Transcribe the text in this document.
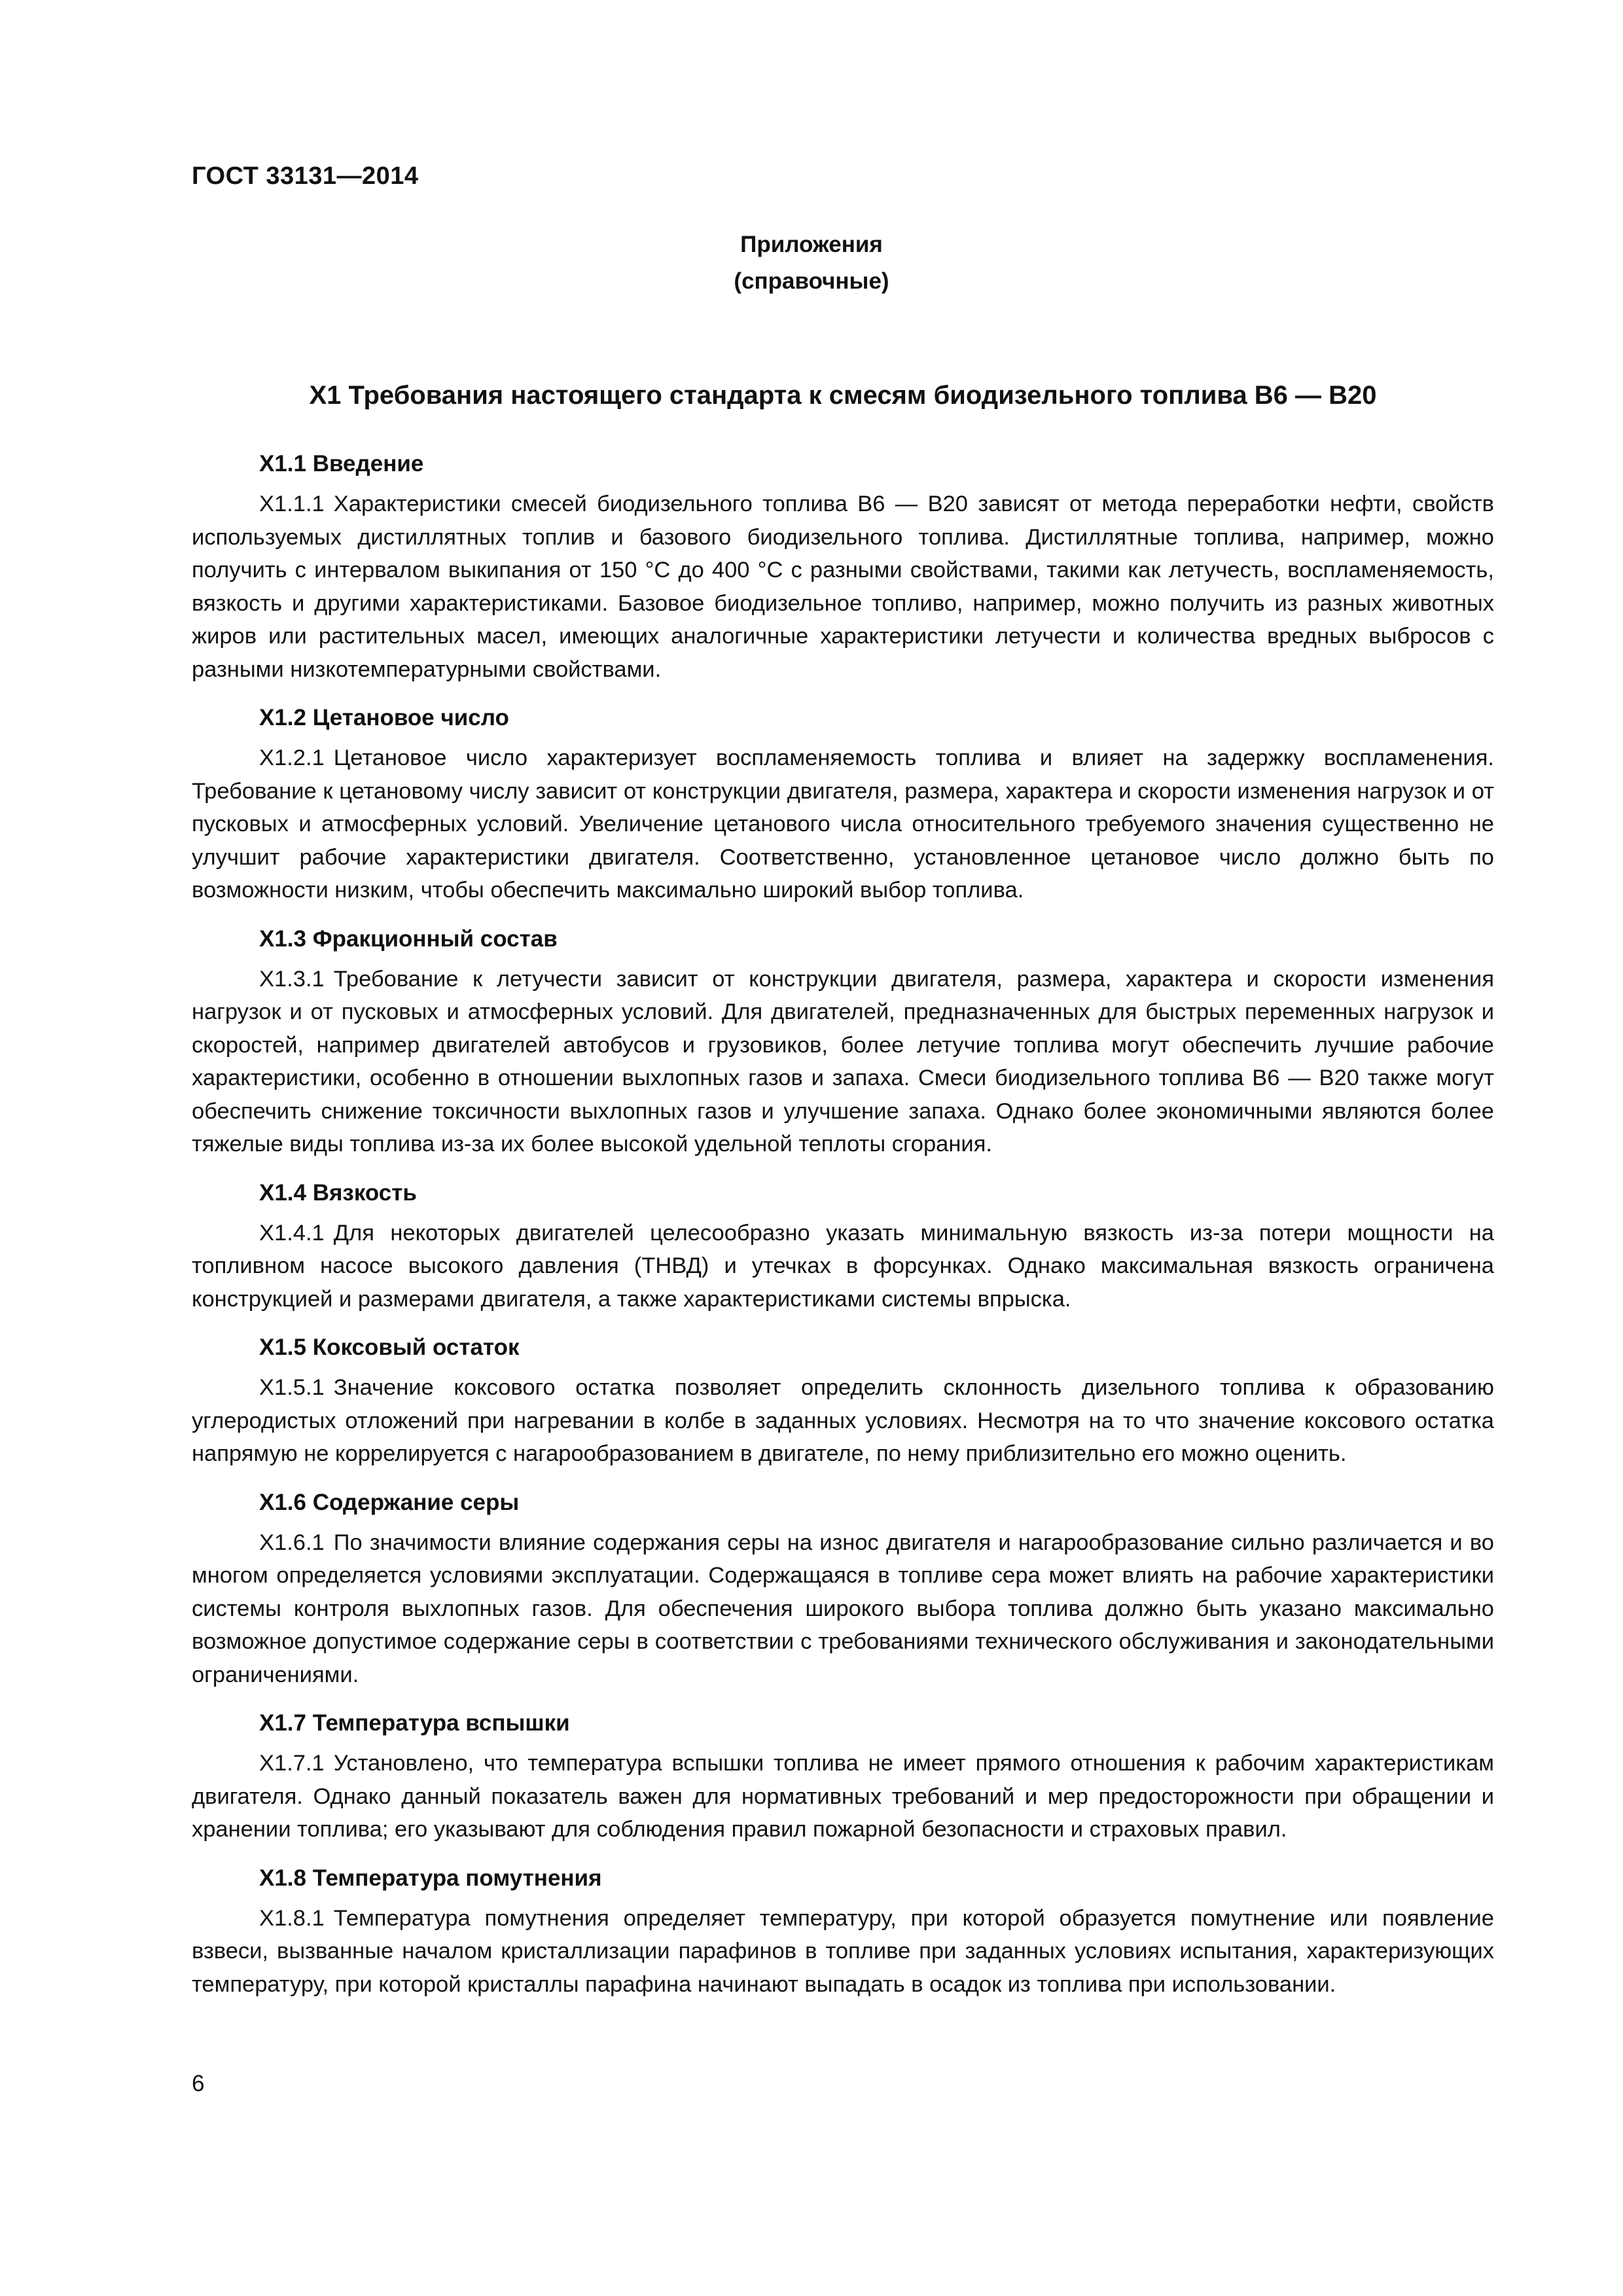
ГОСТ 33131—2014
Приложения
(справочные)
X1 Требования настоящего стандарта к смесям биодизельного топлива В6 — В20
X1.1 Введение

X1.1.1 Характеристики смесей биодизельного топлива В6 — В20 зависят от метода переработки нефти, свойств используемых дистиллятных топлив и базового биодизельного топлива. Дистиллятные топлива, например, можно получить с интервалом выкипания от 150 °С до 400 °С с разными свойствами, такими как летучесть, воспламеняемость, вязкость и другими характеристиками. Базовое биодизельное топливо, например, можно получить из разных животных жиров или растительных масел, имеющих аналогичные характеристики летучести и количества вредных выбросов с разными низкотемпературными свойствами.

X1.2 Цетановое число

X1.2.1 Цетановое число характеризует воспламеняемость топлива и влияет на задержку воспламенения. Требование к цетановому числу зависит от конструкции двигателя, размера, характера и скорости изменения нагрузок и от пусковых и атмосферных условий. Увеличение цетанового числа относительного требуемого значения существенно не улучшит рабочие характеристики двигателя. Соответственно, установленное цетановое число должно быть по возможности низким, чтобы обеспечить максимально широкий выбор топлива.

X1.3 Фракционный состав

X1.3.1 Требование к летучести зависит от конструкции двигателя, размера, характера и скорости изменения нагрузок и от пусковых и атмосферных условий. Для двигателей, предназначенных для быстрых переменных нагрузок и скоростей, например двигателей автобусов и грузовиков, более летучие топлива могут обеспечить лучшие рабочие характеристики, особенно в отношении выхлопных газов и запаха. Смеси биодизельного топлива В6 — В20 также могут обеспечить снижение токсичности выхлопных газов и улучшение запаха. Однако более экономичными являются более тяжелые виды топлива из-за их более высокой удельной теплоты сгорания.

X1.4 Вязкость

X1.4.1 Для некоторых двигателей целесообразно указать минимальную вязкость из-за потери мощности на топливном насосе высокого давления (ТНВД) и утечках в форсунках. Однако максимальная вязкость ограничена конструкцией и размерами двигателя, а также характеристиками системы впрыска.

X1.5 Коксовый остаток

X1.5.1 Значение коксового остатка позволяет определить склонность дизельного топлива к образованию углеродистых отложений при нагревании в колбе в заданных условиях. Несмотря на то что значение коксового остатка напрямую не коррелируется с нагарообразованием в двигателе, по нему приблизительно его можно оценить.

X1.6 Содержание серы

X1.6.1 По значимости влияние содержания серы на износ двигателя и нагарообразование сильно различается и во многом определяется условиями эксплуатации. Содержащаяся в топливе сера может влиять на рабочие характеристики системы контроля выхлопных газов. Для обеспечения широкого выбора топлива должно быть указано максимально возможное допустимое содержание серы в соответствии с требованиями технического обслуживания и законодательными ограничениями.

X1.7 Температура вспышки

X1.7.1 Установлено, что температура вспышки топлива не имеет прямого отношения к рабочим характеристикам двигателя. Однако данный показатель важен для нормативных требований и мер предосторожности при обращении и хранении топлива; его указывают для соблюдения правил пожарной безопасности и страховых правил.

X1.8 Температура помутнения

X1.8.1 Температура помутнения определяет температуру, при которой образуется помутнение или появление взвеси, вызванные началом кристаллизации парафинов в топливе при заданных условиях испытания, характеризующих температуру, при которой кристаллы парафина начинают выпадать в осадок из топлива при использовании.

6
